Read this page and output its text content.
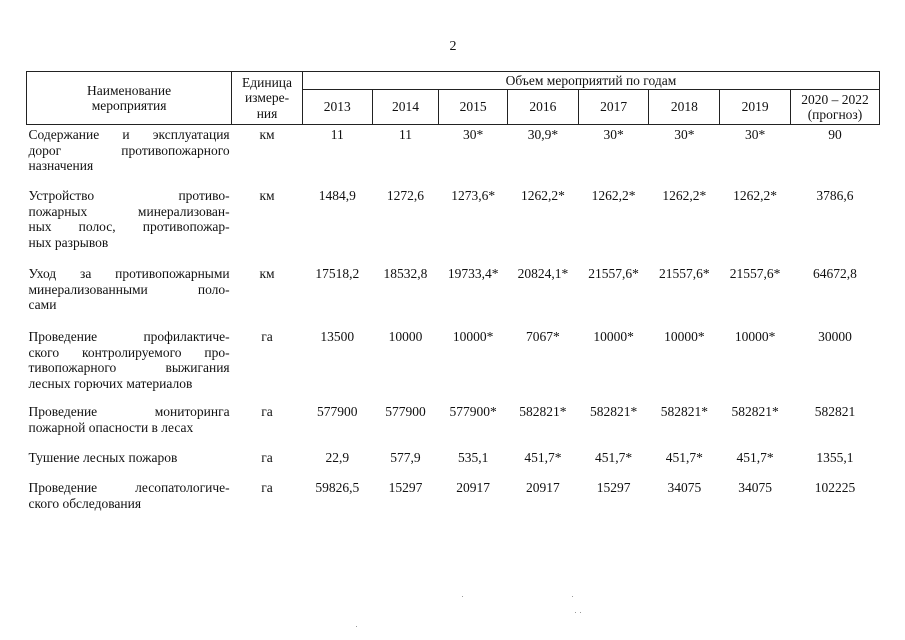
2
Наименование
мероприятия	Единица
измере-
ния	Объем мероприятий по годам							
		2013	2014	2015	2016	2017	2018	2019	2020 – 2022
(прогноз)

Содержание и эксплуатация
дорог противопожарного
назначения	км	11	11	30*	30,9*	30*	30*	30*	90

Устройство противо-
пожарных минерализован-
ных полос, противопожар-
ных разрывов	км	1484,9	1272,6	1273,6*	1262,2*	1262,2*	1262,2*	1262,2*	3786,6

Уход за противопожарными
минерализованными поло-
сами	км	17518,2	18532,8	19733,4*	20824,1*	21557,6*	21557,6*	21557,6*	64672,8

Проведение профилактиче-
ского контролируемого про-
тивопожарного выжигания
лесных горючих материалов	га	13500	10000	10000*	7067*	10000*	10000*	10000*	30000

Проведение мониторинга
пожарной опасности в лесах	га	577900	577900	577900*	582821*	582821*	582821*	582821*	582821

Тушение лесных пожаров	га	22,9	577,9	535,1	451,7*	451,7*	451,7*	451,7*	1355,1

Проведение лесопатологиче-
ского обследования	га	59826,5	15297	20917	20917	15297	34075	34075	102225
